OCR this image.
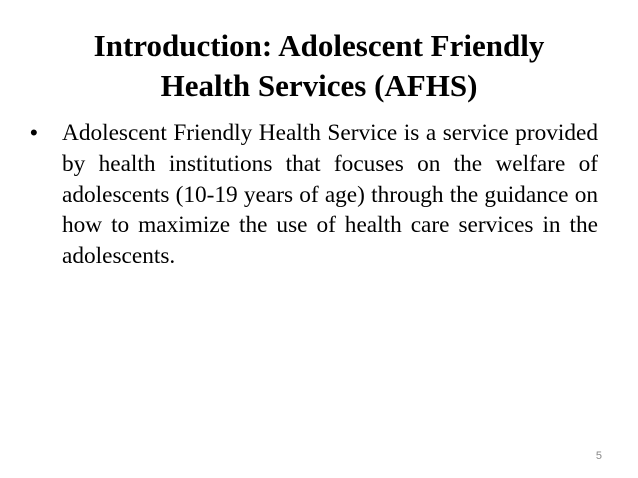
Introduction: Adolescent Friendly
Health Services (AFHS)
• Adolescent Friendly Health Service is a service provided by health institutions that focuses on the welfare of adolescents (10-19 years of age) through the guidance on how to maximize the use of health care services in the adolescents.
5
